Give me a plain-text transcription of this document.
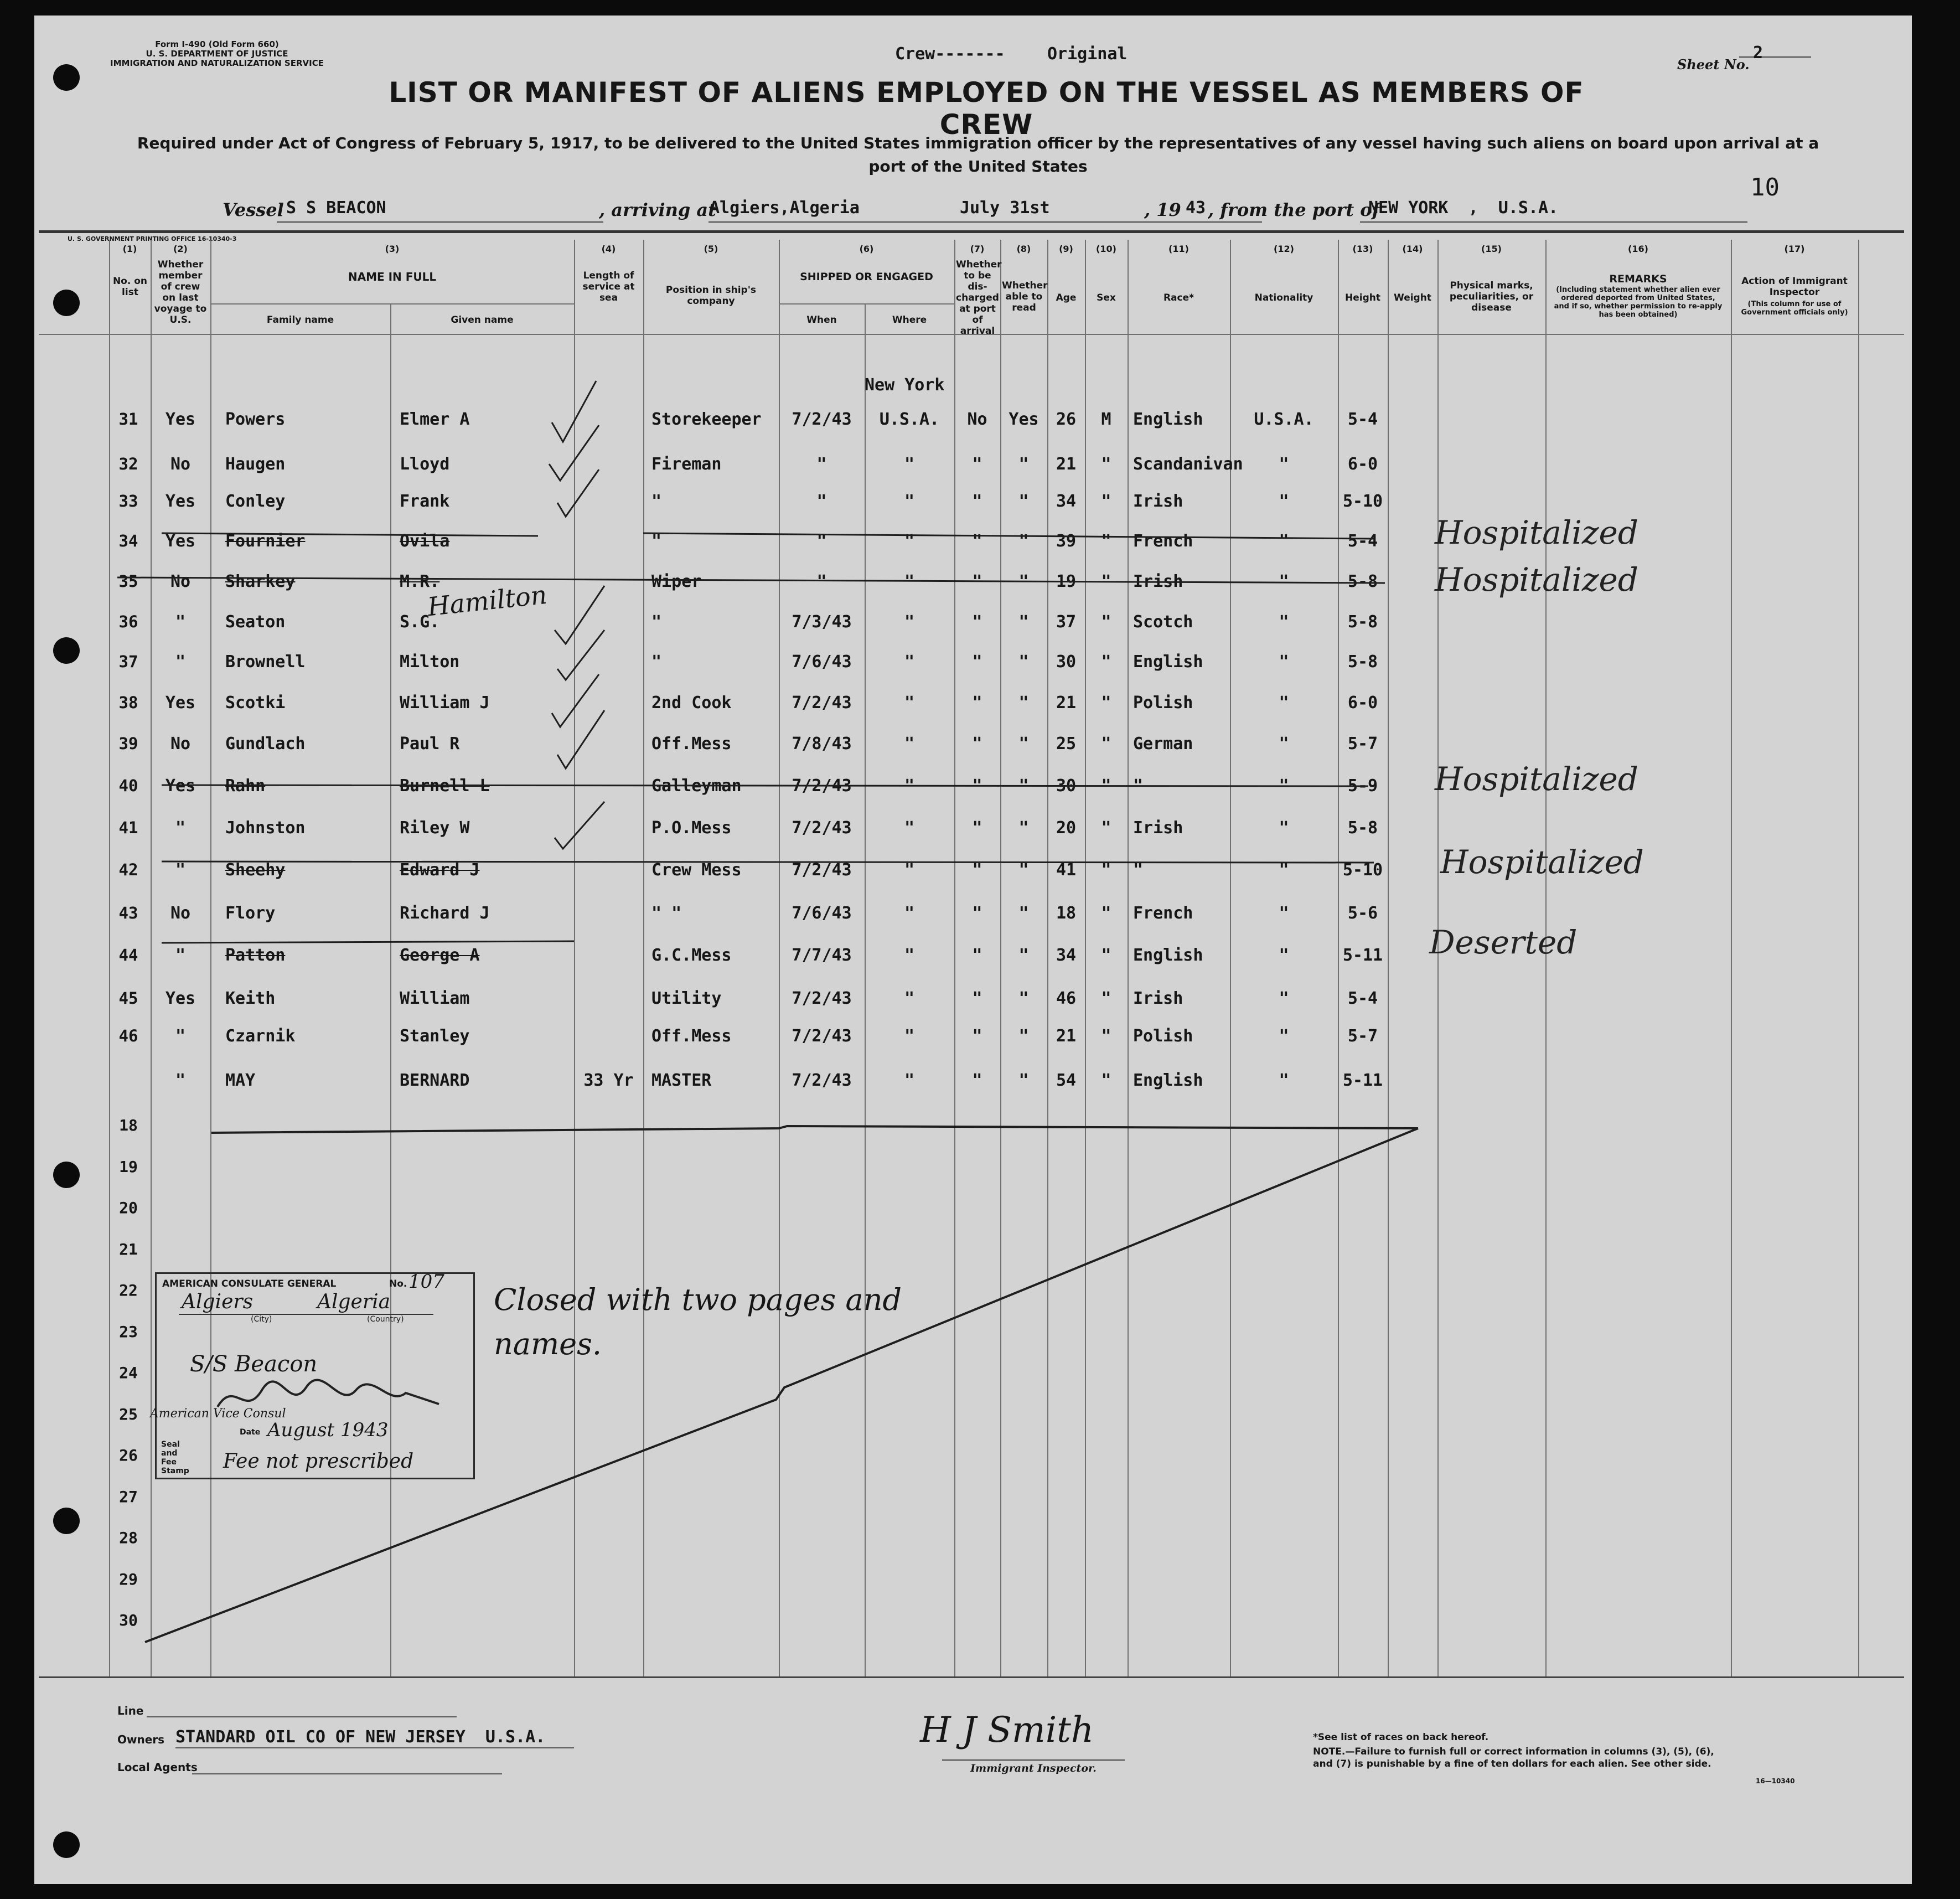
Form I-490 (Old Form 660)
U. S. DEPARTMENT OF JUSTICE
IMMIGRATION AND NATURALIZATION SERVICE	Crew-------	Original
Sheet No.
2
10
LIST OR MANIFEST OF ALIENS EMPLOYED ON THE VESSEL AS MEMBERS OF CREW
Required under Act of Congress of February 5, 1917, to be delivered to the United States immigration officer by the representatives of any vessel having such aliens on board upon arrival at a port of the United States
Vessel S S BEACON	, arriving at
Algiers,Algeria	July 31st	, 19 43 , from the port of
NEW YORK  ,  U.S.A.
U. S. GOVERNMENT PRINTING OFFICE 16-10340-3
(1)	(2)	(3)	(4)	(5)	(6)	(7)	(8)	(9)	(10)	(11)	(12)	(13)	(14)	(15)	(16)	(17)
No. on list
Whether member of crew on last voyage to U.S.
NAME IN FULL
Family name	Given name
Length of service at sea
Position in ship's company
SHIPPED OR ENGAGED
When	Where
Whether to be dis-charged at port of arrival
Whether able to read
Age	Sex	Race*	Nationality	Height	Weight
Physical marks, peculiarities, or disease
REMARKS
(Including statement whether alien ever ordered deported from United States, and if so, whether permission to re-apply has been obtained)
Action of Immigrant Inspector
(This column for use of Government officials only)
31	Yes	Powers	Elmer A	Storekeeper	7/2/43	U.S.A.	No	Yes	26	M	English	U.S.A.	5-4
32	No	Haugen	Lloyd	Fireman	"	"	"	"	21	"	Scandanivan	"	6-0
33	Yes	Conley	Frank	"	"	"	"	"	34	"	Irish	"	5-10
34	Yes	Fournier	Ovila	"	"	"	"	"	39	"	French	"	5-4	Hospitalized
35	No	Sharkey	M.R.	Wiper	"	"	"	"	19	"	Irish	"	5-8	Hospitalized
36	"	Seaton	S.G.	"	7/3/43	"	"	"	37	"	Scotch	"	5-8
37	"	Brownell	Milton	"	7/6/43	"	"	"	30	"	English	"	5-8
38	Yes	Scotki	William J	2nd Cook	7/2/43	"	"	"	21	"	Polish	"	6-0
39	No	Gundlach	Paul R	Off.Mess	7/8/43	"	"	"	25	"	German	"	5-7
40	Yes	Rahn	Burnell L	Galleyman	7/2/43	"	"	"	30	"	"	"	5-9	Hospitalized
41	"	Johnston	Riley W	P.O.Mess	7/2/43	"	"	"	20	"	Irish	"	5-8
42	"	Sheehy	Edward J	Crew Mess	7/2/43	"	"	"	41	"	"	"	5-10 Hospitalized
43	No	Flory	Richard J	" "	7/6/43	"	"	"	18	"	French	"	5-6
44	"	Patton	George A	G.C.Mess	7/7/43	"	"	"	34	"	English	"	5-11 Deserted
45	Yes	Keith	William	Utility	7/2/43	"	"	"	46	"	Irish	"	5-4
46	"	Czarnik	Stanley	Off.Mess	7/2/43	"	"	"	21	"	Polish	"	5-7
"	MAY	BERNARD	33 Yr	MASTER	7/2/43	"	"	"	54	"	English	"	5-11
18
19
20
21
22
23
24
25
26
27
28
29
30
New York
Hamilton
AMERICAN CONSULATE GENERAL	No. 107
Algiers	Algeria
(City)	(Country)
S/S Beacon
American Vice Consul
Date August 1943
Seal and Fee Stamp Fee not prescribed
Closed with two pages and names.
Line
Owners STANDARD OIL CO OF NEW JERSEY  U.S.A.
Local Agents
H J Smith
Immigrant Inspector.
*See list of races on back hereof.
NOTE.—Failure to furnish full or correct information in columns (3), (5), (6), and (7) is punishable by a fine of ten dollars for each alien. See other side.
16—10340
